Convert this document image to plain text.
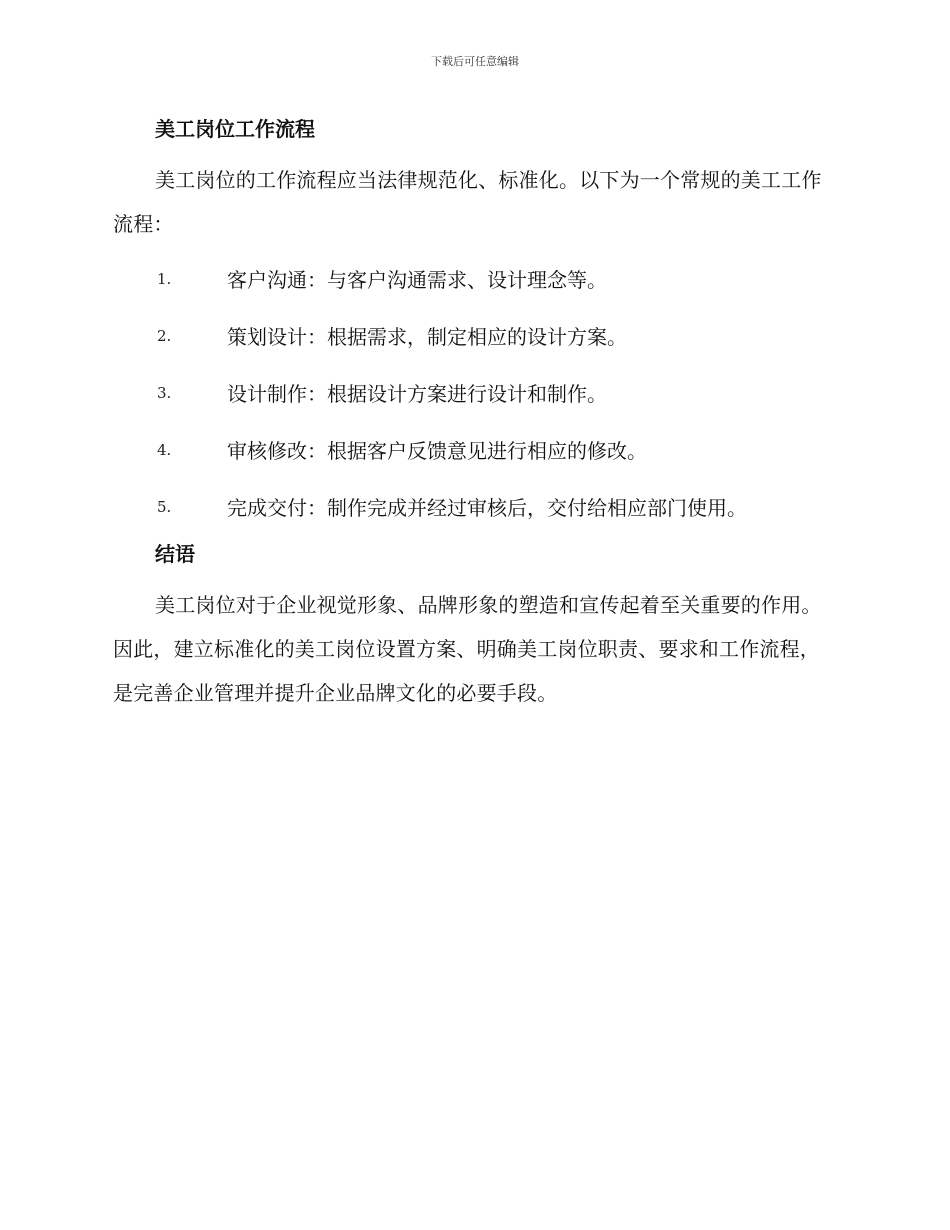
下载后可任意编辑
美工岗位工作流程

美工岗位的工作流程应当法律规范化、标准化。以下为一个常规的美工工作流程：

1.	客户沟通：与客户沟通需求、设计理念等。
2.	策划设计：根据需求，制定相应的设计方案。
3.	设计制作：根据设计方案进行设计和制作。
4.	审核修改：根据客户反馈意见进行相应的修改。
5.	完成交付：制作完成并经过审核后，交付给相应部门使用。
结语

美工岗位对于企业视觉形象、品牌形象的塑造和宣传起着至关重要的作用。因此，建立标准化的美工岗位设置方案、明确美工岗位职责、要求和工作流程，是完善企业管理并提升企业品牌文化的必要手段。
